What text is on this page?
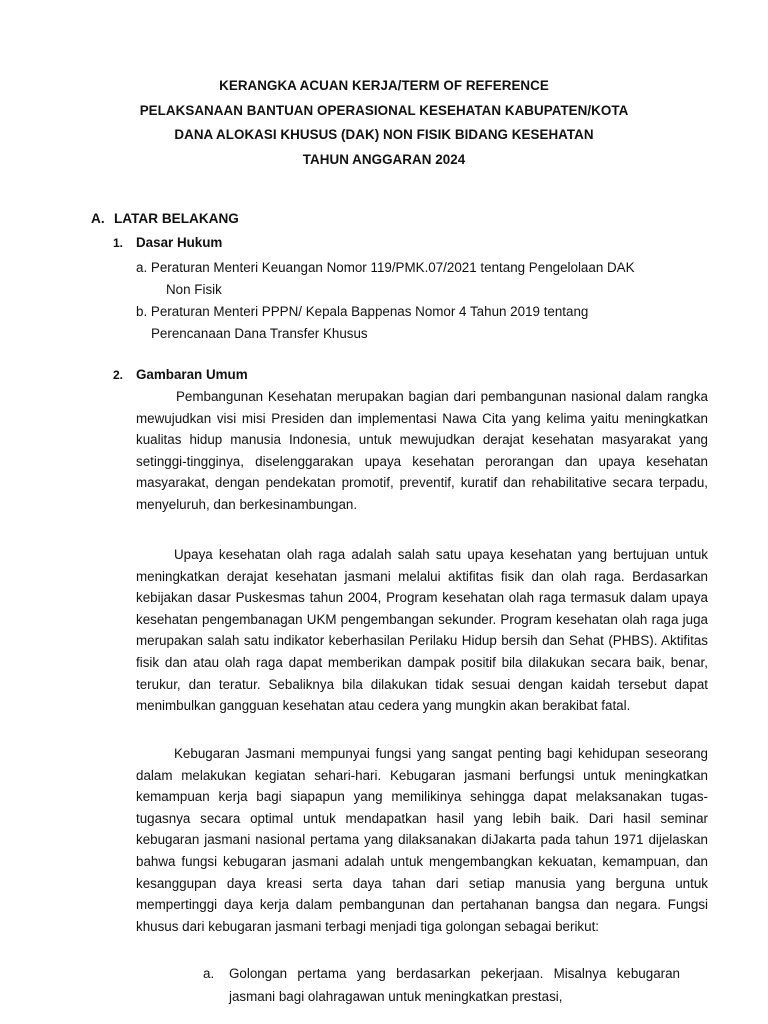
KERANGKA ACUAN KERJA/TERM OF REFERENCE
PELAKSANAAN BANTUAN OPERASIONAL KESEHATAN KABUPATEN/KOTA
DANA ALOKASI KHUSUS (DAK) NON FISIK BIDANG KESEHATAN
TAHUN ANGGARAN 2024
A. LATAR BELAKANG
1. Dasar Hukum
a. Peraturan Menteri Keuangan Nomor 119/PMK.07/2021 tentang Pengelolaan DAK
Non Fisik
b. Peraturan Menteri PPPN/ Kepala Bappenas Nomor 4 Tahun 2019 tentang
Perencanaan Dana Transfer Khusus
2. Gambaran Umum

Pembangunan Kesehatan merupakan bagian dari pembangunan nasional dalam rangka mewujudkan visi misi Presiden dan implementasi Nawa Cita yang kelima yaitu meningkatkan kualitas hidup manusia Indonesia, untuk mewujudkan derajat kesehatan masyarakat yang setinggi-tingginya, diselenggarakan upaya kesehatan perorangan dan upaya kesehatan masyarakat, dengan pendekatan promotif, preventif, kuratif dan rehabilitative secara terpadu, menyeluruh, dan berkesinambungan.

Upaya kesehatan olah raga adalah salah satu upaya kesehatan yang bertujuan untuk meningkatkan derajat kesehatan jasmani melalui aktifitas fisik dan olah raga. Berdasarkan kebijakan dasar Puskesmas tahun 2004, Program kesehatan olah raga termasuk dalam upaya kesehatan pengembanagan UKM pengembangan sekunder. Program kesehatan olah raga juga merupakan salah satu indikator keberhasilan Perilaku Hidup bersih dan Sehat (PHBS). Aktifitas fisik dan atau olah raga dapat memberikan dampak positif bila dilakukan secara baik, benar, terukur, dan teratur. Sebaliknya bila dilakukan tidak sesuai dengan kaidah tersebut dapat menimbulkan gangguan kesehatan atau cedera yang mungkin akan berakibat fatal.

Kebugaran Jasmani mempunyai fungsi yang sangat penting bagi kehidupan seseorang dalam melakukan kegiatan sehari-hari. Kebugaran jasmani berfungsi untuk meningkatkan kemampuan kerja bagi siapapun yang memilikinya sehingga dapat melaksanakan tugas-tugasnya secara optimal untuk mendapatkan hasil yang lebih baik. Dari hasil seminar kebugaran jasmani nasional pertama yang dilaksanakan diJakarta pada tahun 1971 dijelaskan bahwa fungsi kebugaran jasmani adalah untuk mengembangkan kekuatan, kemampuan, dan kesanggupan daya kreasi serta daya tahan dari setiap manusia yang berguna untuk mempertinggi daya kerja dalam pembangunan dan pertahanan bangsa dan negara. Fungsi khusus dari kebugaran jasmani terbagi menjadi tiga golongan sebagai berikut:

a.	Golongan pertama yang berdasarkan pekerjaan. Misalnya kebugaran jasmani bagi olahragawan untuk meningkatkan prestasi,
